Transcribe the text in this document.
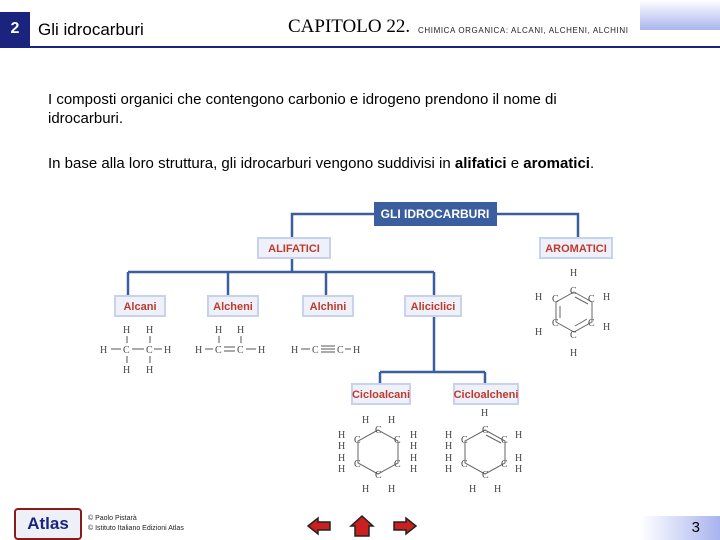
2	Gli idrocarburi	CAPITOLO 22. CHIMICA ORGANICA: ALCANI, ALCHENI, ALCHINI
I composti organici che contengono carbonio e idrogeno prendono il nome di
idrocarburi.
In base alla loro struttura, gli idrocarburi vengono suddivisi in alifatici e aromatici.
GLI IDROCARBURI
ALIFATICI	AROMATICI
Alcani	Alcheni	Alchini	Aliciclici
Cicloalcani	Cicloalcheni
H H
H C C H
H H
H H
H C C H	H C C H
H
C
H C	C H
H
C	C H
C
H
H H
C
H
H
C	C H
H
H
H C	C
H
H
C
H H
H
C
H
H
C	C H
H
H C	C
H
H
C
H H
Atlas	© Paolo Pistarà
© Istituto Italiano Edizioni Atlas	3
